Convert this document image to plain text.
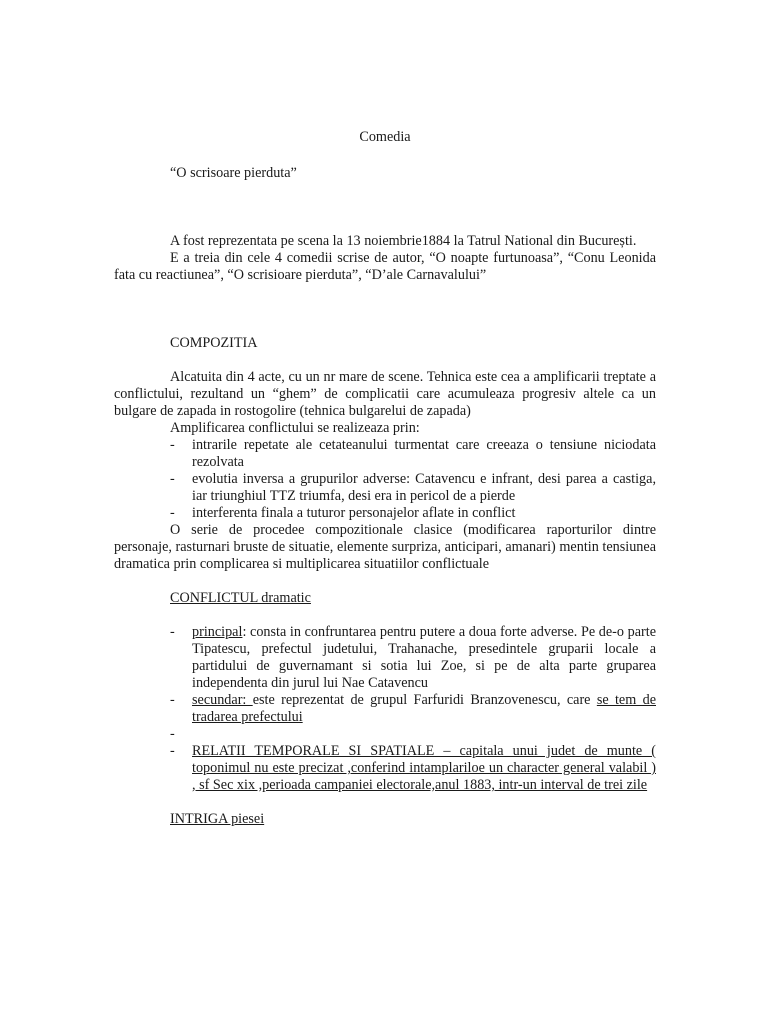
Comedia

“O scrisoare pierduta”

A fost reprezentata pe scena la 13 noiembrie1884 la Tatrul National din București.

E a treia din cele 4 comedii scrise de autor, “O noapte furtunoasa”, “Conu Leonida fata cu reactiunea”, “O scrisioare pierduta”, “D’ale Carnavalului”

COMPOZITIA

Alcatuita din 4 acte, cu un nr mare de scene. Tehnica este cea a amplificarii treptate a conflictului, rezultand un “ghem” de complicatii care acumuleaza progresiv altele ca un bulgare de zapada in rostogolire (tehnica bulgarelui de zapada)

Amplificarea conflictului se realizeaza prin:

- intrarile repetate ale cetateanului turmentat care creeaza o tensiune niciodata rezolvata
- evolutia inversa a grupurilor adverse: Catavencu e infrant, desi parea a castiga, iar triunghiul TTZ triumfa, desi era in pericol de a pierde
- interferenta finala a tuturor personajelor aflate in conflict

O serie de procedee compozitionale clasice (modificarea raporturilor dintre personaje, rasturnari bruste de situatie, elemente surpriza, anticipari, amanari) mentin tensiunea dramatica prin complicarea si multiplicarea situatiilor conflictuale

CONFLICTUL dramatic

- principal: consta in confruntarea pentru putere a doua forte adverse. Pe de-o parte Tipatescu, prefectul judetului, Trahanache, presedintele gruparii locale a partidului de guvernamant si sotia lui Zoe, si pe de alta parte gruparea independenta din jurul lui Nae Catavencu
- secundar: este reprezentat de grupul Farfuridi Branzovenescu, care se tem de tradarea prefectului
-

- RELATII TEMPORALE SI SPATIALE – capitala unui judet de munte ( toponimul nu este precizat ,conferind intamplariloe un character general valabil ) , sf Sec xix ,perioada campaniei electorale,anul 1883, intr-un interval de trei zile

INTRIGA piesei
